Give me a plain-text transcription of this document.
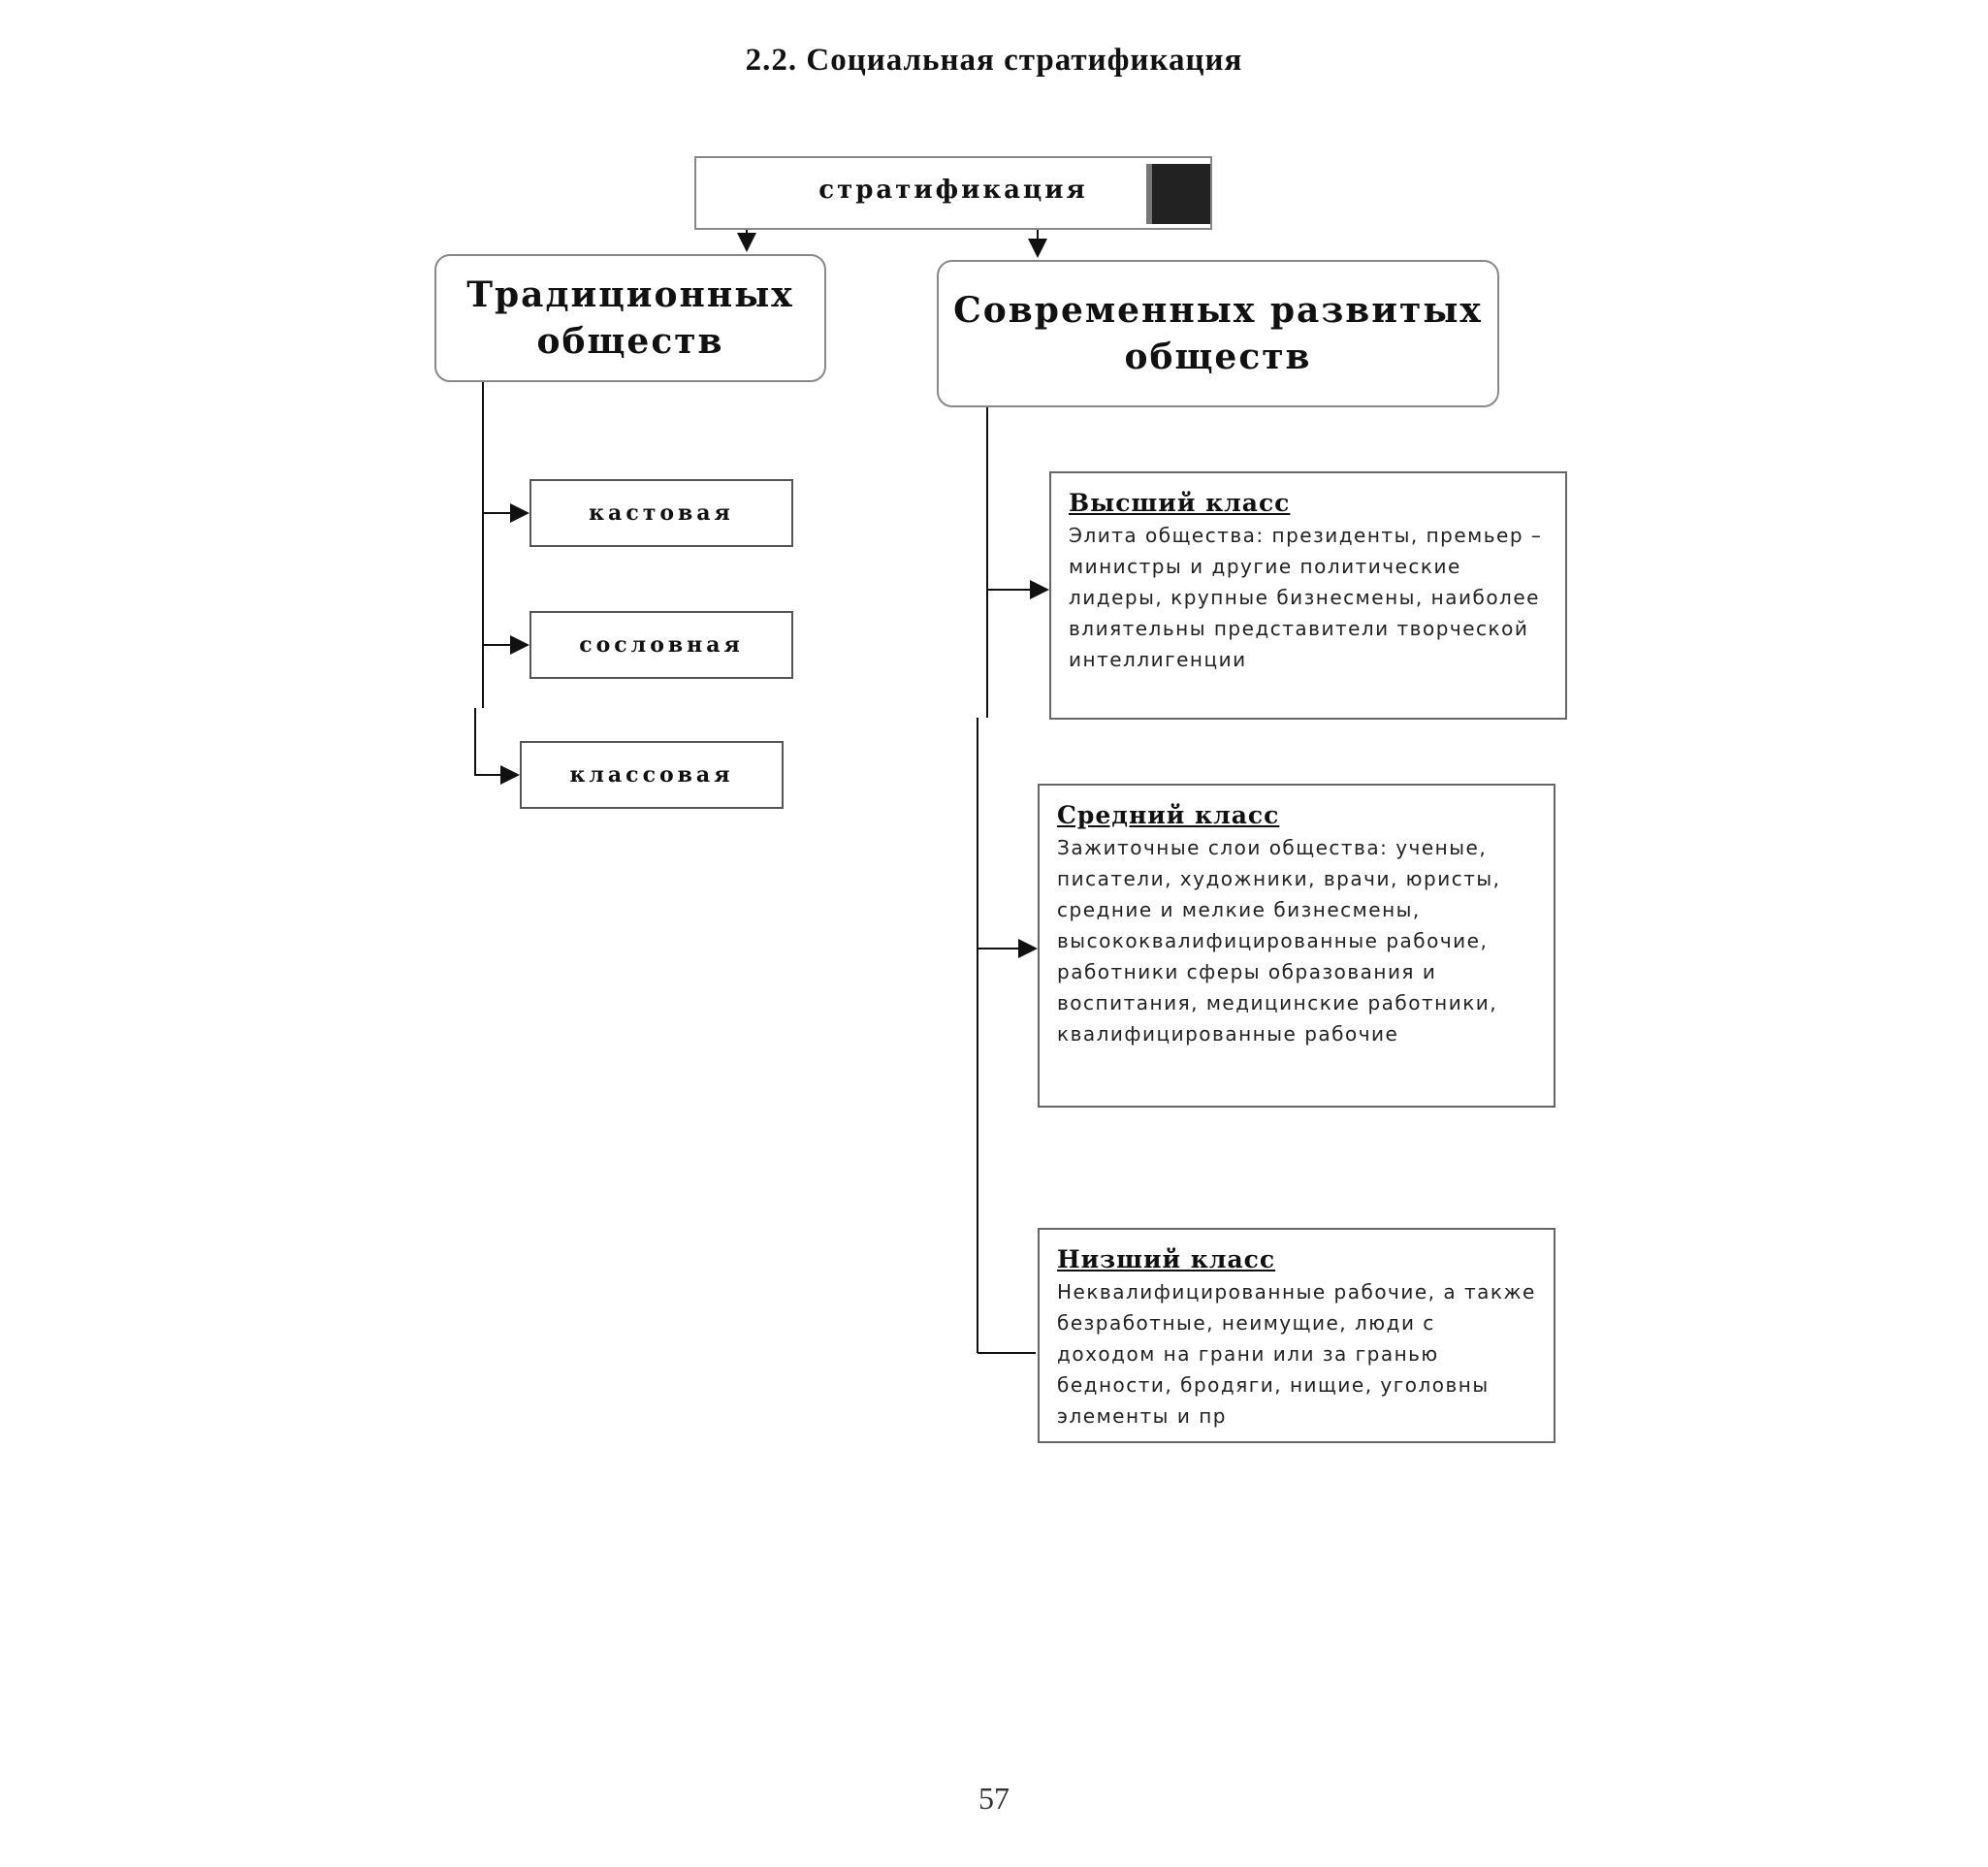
2.2. Социальная стратификация
стратификация
Традиционных обществ
Современных развитых обществ
кастовая
сословная
классовая
Высший класс
Элита общества: президенты, премьер – министры и другие политические лидеры, крупные бизнесмены, наиболее влиятельны представители творческой интеллигенции
Средний класс
Зажиточные слои общества: ученые, писатели, художники, врачи, юристы, средние и мелкие бизнесмены, высококвалифицированные рабочие, работники сферы образования и воспитания, медицинские работники, квалифицированные рабочие
Низший класс
Неквалифицированные рабочие, а также безработные, неимущие, люди с доходом на грани или за гранью бедности, бродяги, нищие, уголовны элементы и пр
57
